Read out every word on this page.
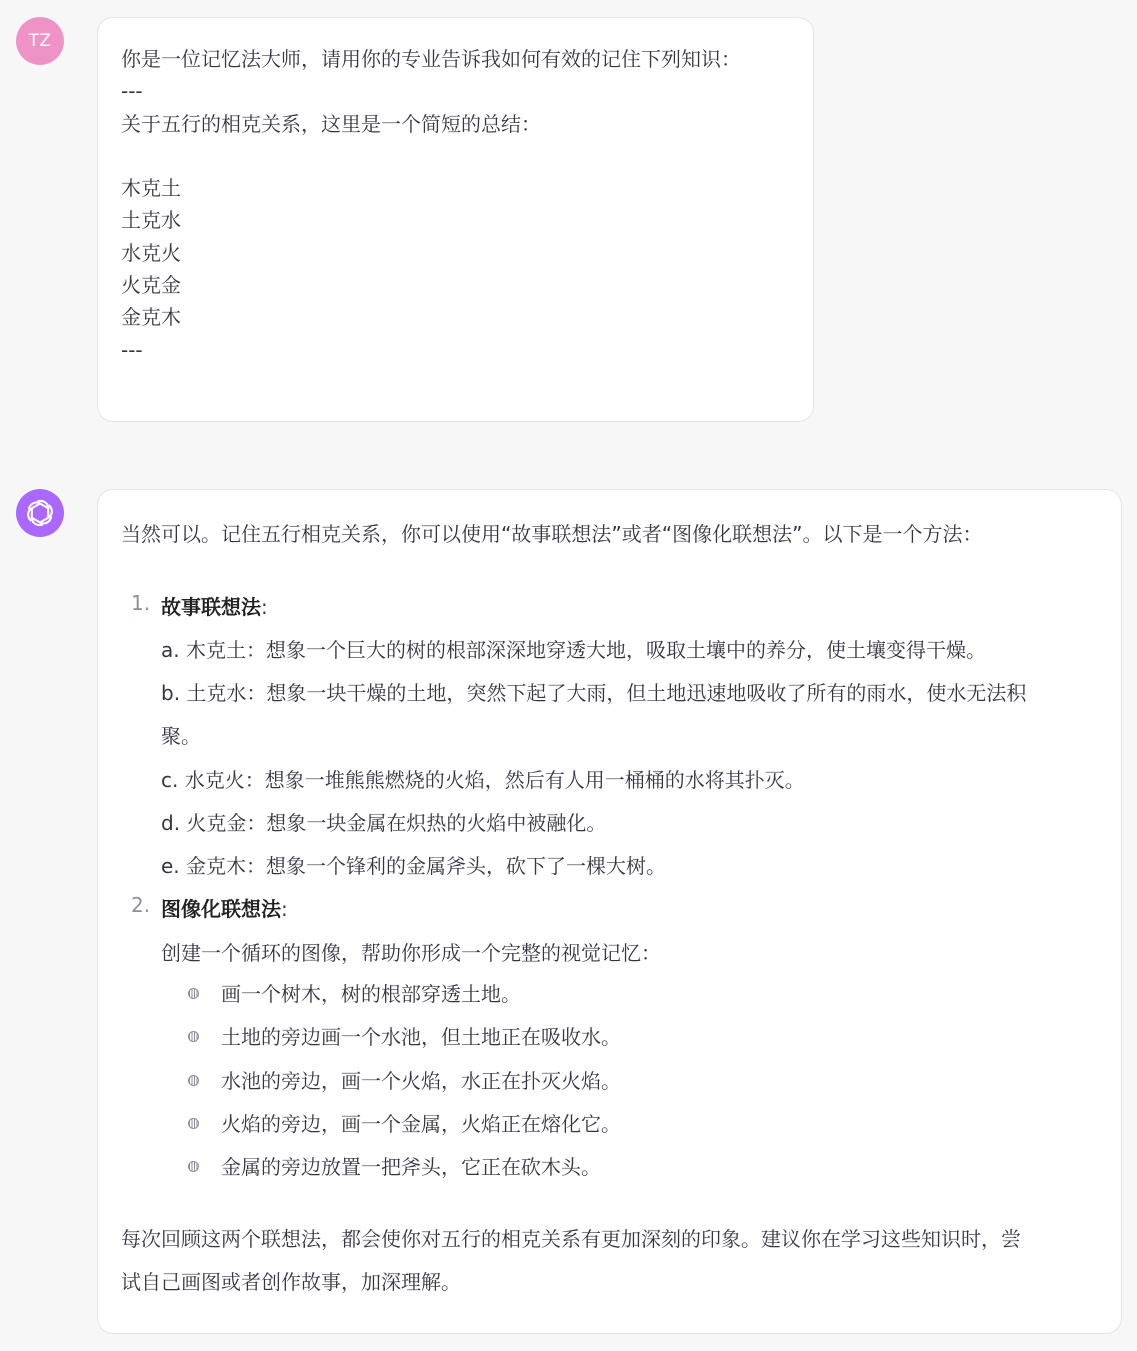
TZ
你是一位记忆法大师，请用你的专业告诉我如何有效的记住下列知识：
---
关于五行的相克关系，这里是一个简短的总结：
木克土
土克水
水克火
火克金
金克木
---
当然可以。记住五行相克关系，你可以使用“故事联想法”或者“图像化联想法”。以下是一个方法：
1. 故事联想法:
a. 木克土：想象一个巨大的树的根部深深地穿透大地，吸取土壤中的养分，使土壤变得干燥。
b. 土克水：想象一块干燥的土地，突然下起了大雨，但土地迅速地吸收了所有的雨水，使水无法积
聚。
c. 水克火：想象一堆熊熊燃烧的火焰，然后有人用一桶桶的水将其扑灭。
d. 火克金：想象一块金属在炽热的火焰中被融化。
e. 金克木：想象一个锋利的金属斧头，砍下了一棵大树。
2. 图像化联想法:
创建一个循环的图像，帮助你形成一个完整的视觉记忆：
画一个树木，树的根部穿透土地。
土地的旁边画一个水池，但土地正在吸收水。
水池的旁边，画一个火焰，水正在扑灭火焰。
火焰的旁边，画一个金属，火焰正在熔化它。
金属的旁边放置一把斧头，它正在砍木头。
每次回顾这两个联想法，都会使你对五行的相克关系有更加深刻的印象。建议你在学习这些知识时，尝
试自己画图或者创作故事，加深理解。
